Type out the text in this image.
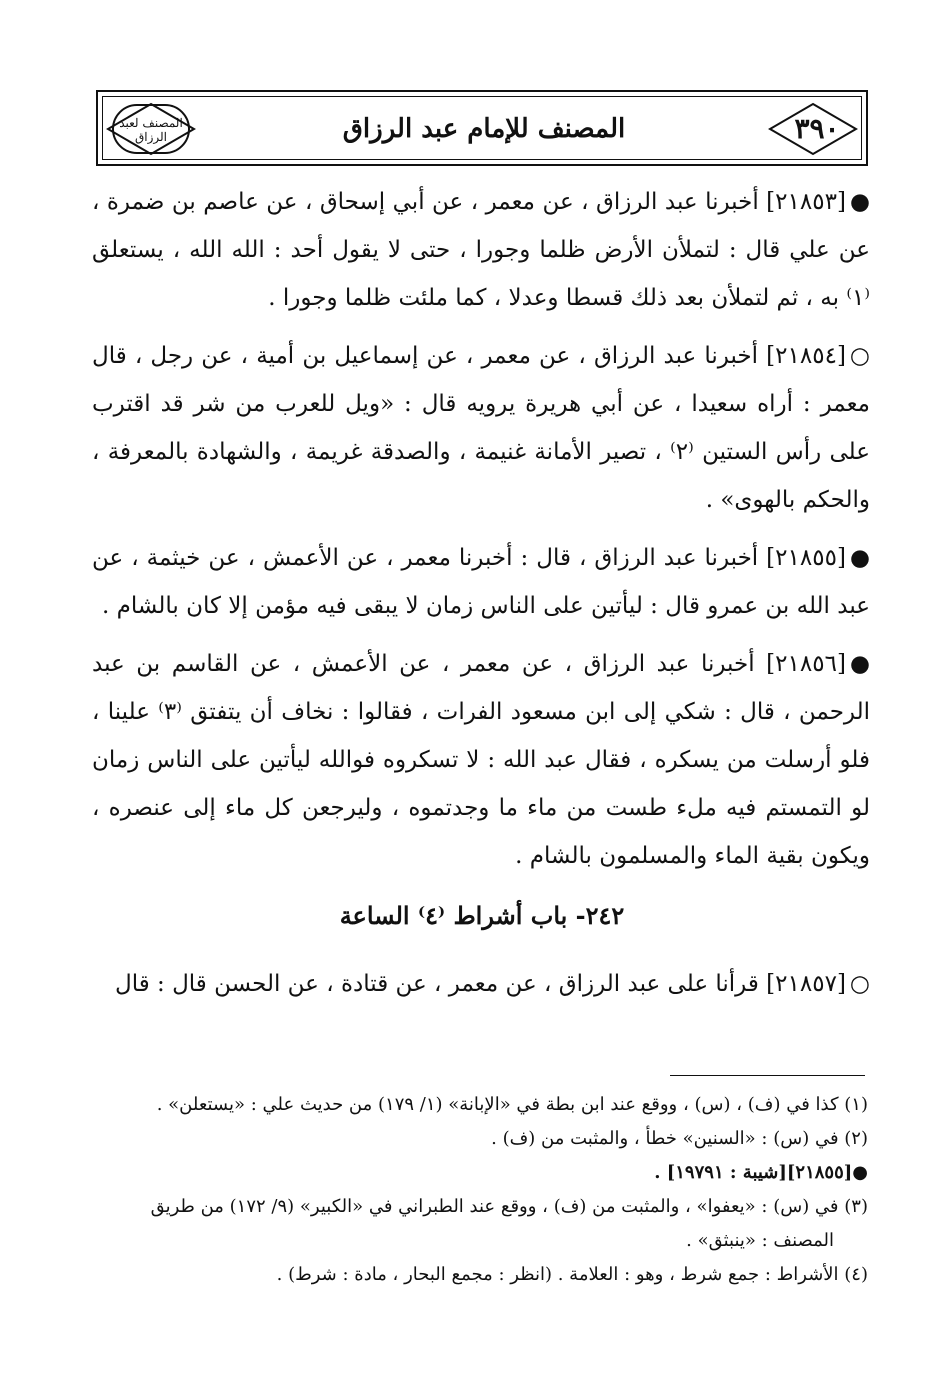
٣٩٠
المصنف للإمام عبد الرزاق
المصنف لعبد الرزاق

●[٢١٨٥٣] أخبرنا عبد الرزاق ، عن معمر ، عن أبي إسحاق ، عن عاصم بن ضمرة ، عن علي قال : لتملأن الأرض ظلما وجورا ، حتى لا يقول أحد : الله الله ، يستعلق ⁽١⁾ به ، ثم لتملأن بعد ذلك قسطا وعدلا ، كما ملئت ظلما وجورا .

○[٢١٨٥٤] أخبرنا عبد الرزاق ، عن معمر ، عن إسماعيل بن أمية ، عن رجل ، قال معمر : أراه سعيدا ، عن أبي هريرة يرويه قال : «ويل للعرب من شر قد اقترب على رأس الستين ⁽٢⁾ ، تصير الأمانة غنيمة ، والصدقة غريمة ، والشهادة بالمعرفة ، والحكم بالهوى» .

●[٢١٨٥٥] أخبرنا عبد الرزاق ، قال : أخبرنا معمر ، عن الأعمش ، عن خيثمة ، عن عبد الله بن عمرو قال : ليأتين على الناس زمان لا يبقى فيه مؤمن إلا كان بالشام .

●[٢١٨٥٦] أخبرنا عبد الرزاق ، عن معمر ، عن الأعمش ، عن القاسم بن عبد الرحمن ، قال : شكي إلى ابن مسعود الفرات ، فقالوا : نخاف أن يتفتق ⁽٣⁾ علينا ، فلو أرسلت من يسكره ، فقال عبد الله : لا تسكروه فوالله ليأتين على الناس زمان لو التمستم فيه ملء طست من ماء ما وجدتموه ، وليرجعن كل ماء إلى عنصره ، ويكون بقية الماء والمسلمون بالشام .

٢٤٢- باب أشراط ⁽٤⁾ الساعة

○[٢١٨٥٧] قرأنا على عبد الرزاق ، عن معمر ، عن قتادة ، عن الحسن قال : قال

(١) كذا في (ف) ، (س) ، ووقع عند ابن بطة في «الإبانة» (١/ ١٧٩) من حديث علي : «يستعلن» .

(٢) في (س) : «السنين» خطأ ، والمثبت من (ف) .

●[٢١٨٥٥][شيبة : ١٩٧٩١] .

(٣) في (س) : «يعفوا» ، والمثبت من (ف) ، ووقع عند الطبراني في «الكبير» (٩/ ١٧٢) من طريق

المصنف : «ينبثق» .

(٤) الأشراط : جمع شرط ، وهو : العلامة . (انظر : مجمع البحار ، مادة : شرط) .
